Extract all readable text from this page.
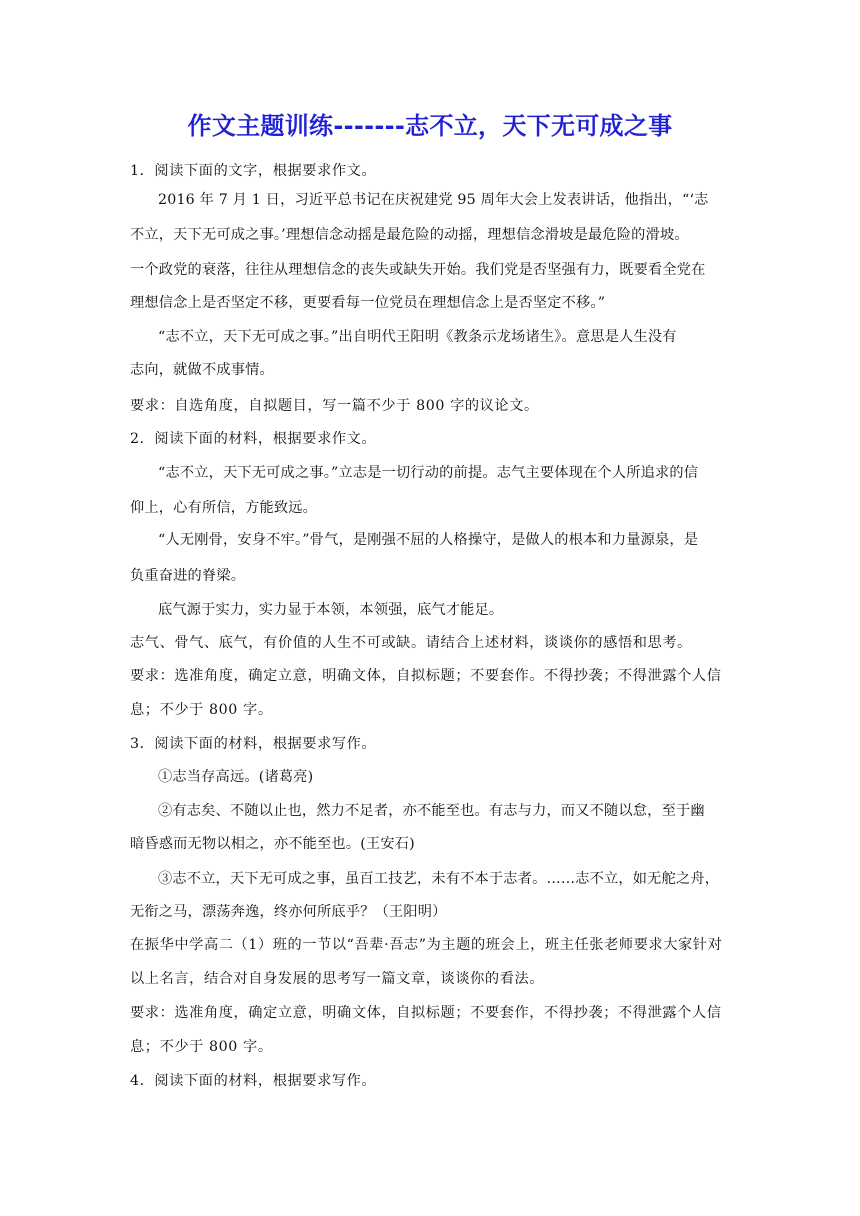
作文主题训练-------志不立，天下无可成之事
1．阅读下面的文字，根据要求作文。
2016 年 7 月 1 日，习近平总书记在庆祝建党 95 周年大会上发表讲话，他指出，“‘志
不立，天下无可成之事。’理想信念动摇是最危险的动摇，理想信念滑坡是最危险的滑坡。
一个政党的衰落，往往从理想信念的丧失或缺失开始。我们党是否坚强有力，既要看全党在
理想信念上是否坚定不移，更要看每一位党员在理想信念上是否坚定不移。”
“志不立，天下无可成之事。”出自明代王阳明《教条示龙场诸生》。意思是人生没有
志向，就做不成事情。
要求：自选角度，自拟题目，写一篇不少于 800 字的议论文。
2．阅读下面的材料，根据要求作文。
“志不立，天下无可成之事。”立志是一切行动的前提。志气主要体现在个人所追求的信
仰上，心有所信，方能致远。
“人无刚骨，安身不牢。”骨气，是刚强不屈的人格操守，是做人的根本和力量源泉，是
负重奋进的脊梁。
底气源于实力，实力显于本领，本领强，底气才能足。
志气、骨气、底气，有价值的人生不可或缺。请结合上述材料，谈谈你的感悟和思考。
要求：选准角度，确定立意，明确文体，自拟标题；不要套作。不得抄袭；不得泄露个人信
息；不少于 800 字。
3．阅读下面的材料，根据要求写作。
①志当存高远。(诸葛亮)
②有志矣、不随以止也，然力不足者，亦不能至也。有志与力，而又不随以怠，至于幽
暗昏惑而无物以相之，亦不能至也。(王安石)
③志不立，天下无可成之事，虽百工技艺，未有不本于志者。……志不立，如无舵之舟，
无衔之马，漂荡奔逸，终亦何所底乎？（王阳明）
在振华中学高二（1）班的一节以“吾辈·吾志”为主题的班会上，班主任张老师要求大家针对
以上名言，结合对自身发展的思考写一篇文章，谈谈你的看法。
要求：选准角度，确定立意，明确文体，自拟标题；不要套作，不得抄袭；不得泄露个人信
息；不少于 800 字。
4．阅读下面的材料，根据要求写作。
